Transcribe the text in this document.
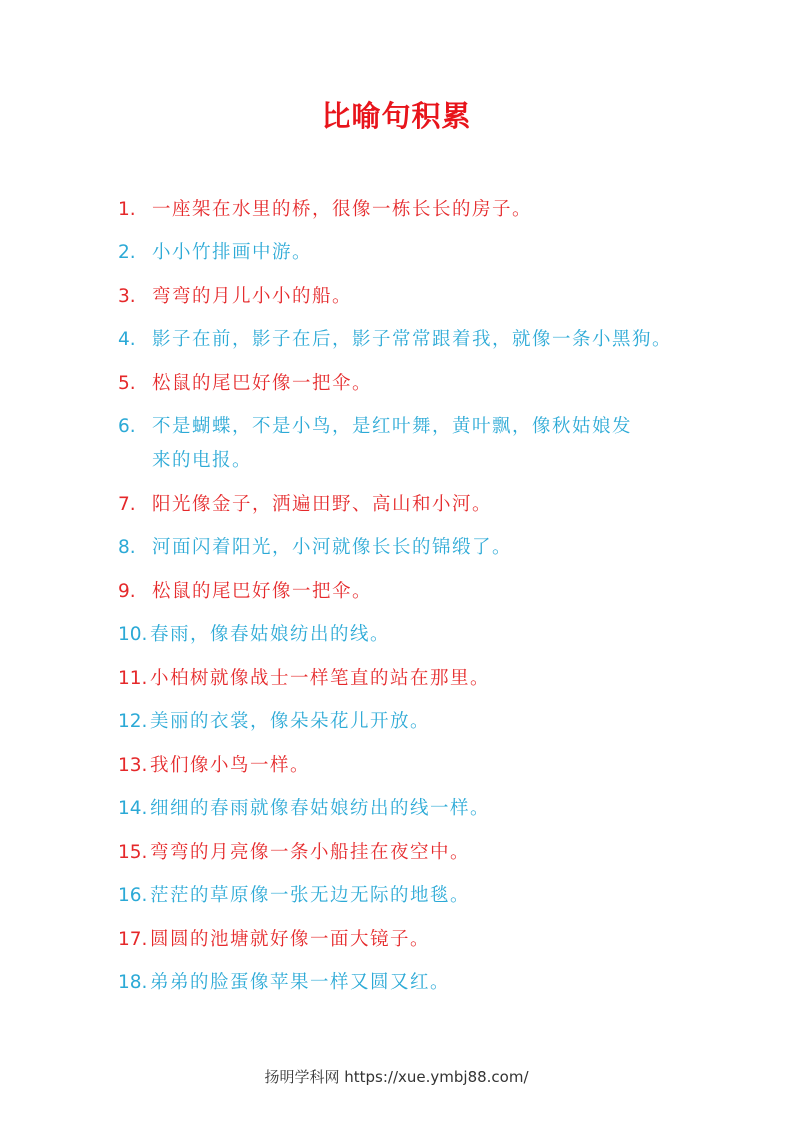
比喻句积累
1. 一座架在水里的桥，很像一栋长长的房子。
2. 小小竹排画中游。
3. 弯弯的月儿小小的船。
4. 影子在前，影子在后，影子常常跟着我，就像一条小黑狗。
5. 松鼠的尾巴好像一把伞。
6. 不是蝴蝶，不是小鸟，是红叶舞，黄叶飘，像秋姑娘发
来的电报。
7. 阳光像金子，洒遍田野、高山和小河。
8. 河面闪着阳光，小河就像长长的锦缎了。
9. 松鼠的尾巴好像一把伞。
10. 春雨，像春姑娘纺出的线。
11. 小柏树就像战士一样笔直的站在那里。
12. 美丽的衣裳，像朵朵花儿开放。
13. 我们像小鸟一样。
14. 细细的春雨就像春姑娘纺出的线一样。
15. 弯弯的月亮像一条小船挂在夜空中。
16. 茫茫的草原像一张无边无际的地毯。
17. 圆圆的池塘就好像一面大镜子。
18. 弟弟的脸蛋像苹果一样又圆又红。
扬明学科网 https://xue.ymbj88.com/
